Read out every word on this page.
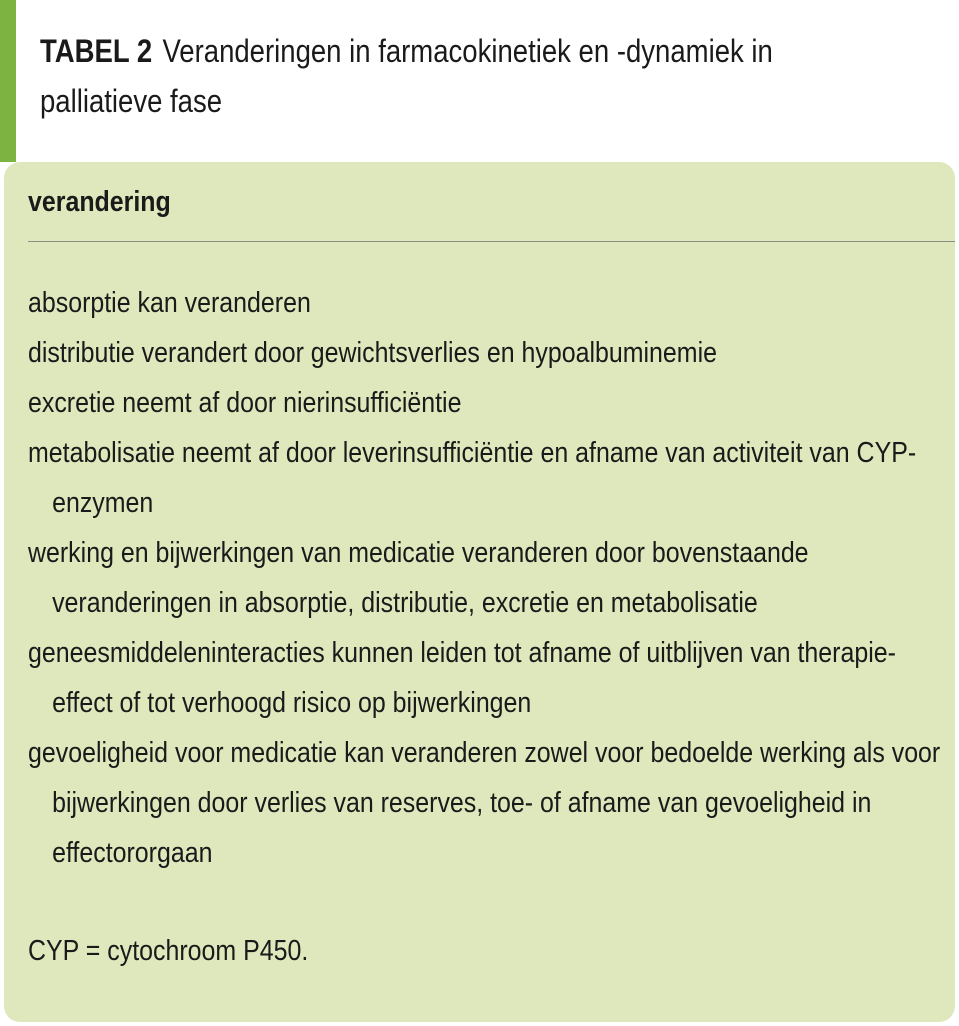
TABEL 2 Veranderingen in farmacokinetiek en -dynamiek in palliatieve fase
verandering
absorptie kan veranderen
distributie verandert door gewichtsverlies en hypoalbuminemie
excretie neemt af door nierinsufficiëntie
metabolisatie neemt af door leverinsufficiëntie en afname van activiteit van CYP-enzymen
werking en bijwerkingen van medicatie veranderen door bovenstaande veranderingen in absorptie, distributie, excretie en metabolisatie
geneesmiddeleninteracties kunnen leiden tot afname of uitblijven van therapie-effect of tot verhoogd risico op bijwerkingen
gevoeligheid voor medicatie kan veranderen zowel voor bedoelde werking als voor bijwerkingen door verlies van reserves, toe- of afname van gevoeligheid in effectororgaan
CYP = cytochroom P450.
